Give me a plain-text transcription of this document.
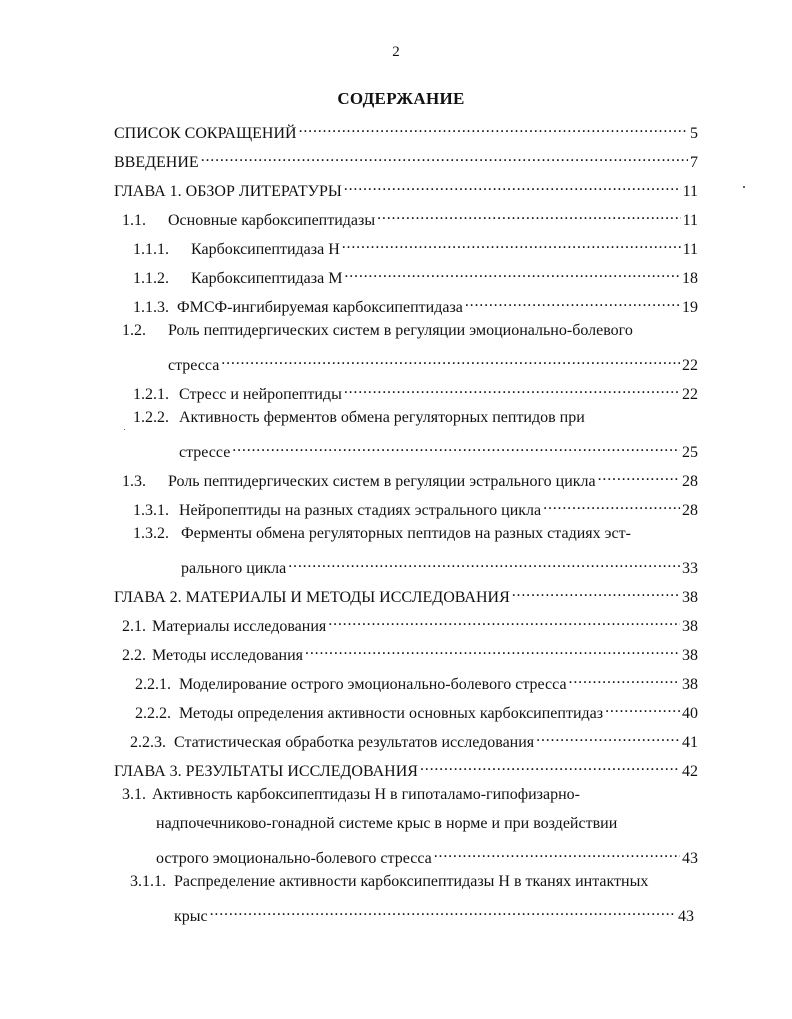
2
СОДЕРЖАНИЕ
СПИСОК СОКРАЩЕНИЙ .....	5
ВВЕДЕНИЕ .....	7
ГЛАВА 1. ОБЗОР ЛИТЕРАТУРЫ .....	11
1.1.	Основные карбоксипептидазы .....	11
1.1.1.	Карбоксипептидаза H .....	11
1.1.2.	Карбоксипептидаза M .....	18
1.1.3. ФМСФ-ингибируемая карбоксипептидаза .....	19
1.2. Роль пептидергических систем в регуляции эмоционально-болевого
стресса .....	22
1.2.1. Стресс и нейропептиды .....	22
1.2.2. Активность ферментов обмена регуляторных пептидов при
стрессе .....	25
1.3.	Роль пептидергических систем в регуляции эстрального цикла .....	28
1.3.1. Нейропептиды на разных стадиях эстрального цикла .....	28
1.3.2. Ферменты обмена регуляторных пептидов на разных стадиях эст-
рального цикла .....	33
ГЛАВА 2. МАТЕРИАЛЫ И МЕТОДЫ ИССЛЕДОВАНИЯ .....	38
2.1. Материалы исследования .....	38
2.2. Методы исследования .....	38
2.2.1. Моделирование острого эмоционально-болевого стресса .....	38
2.2.2. Методы определения активности основных карбоксипептидаз .....	40
2.2.3. Статистическая обработка результатов исследования .....	41
ГЛАВА 3. РЕЗУЛЬТАТЫ ИССЛЕДОВАНИЯ .....	42
3.1. Активность карбоксипептидазы H в гипоталамо-гипофизарно-
надпочечниково-гонадной системе крыс в норме и при воздействии
острого эмоционально-болевого стресса .....	43
3.1.1. Распределение активности карбоксипептидазы H в тканях интактных
крыс .....	43
